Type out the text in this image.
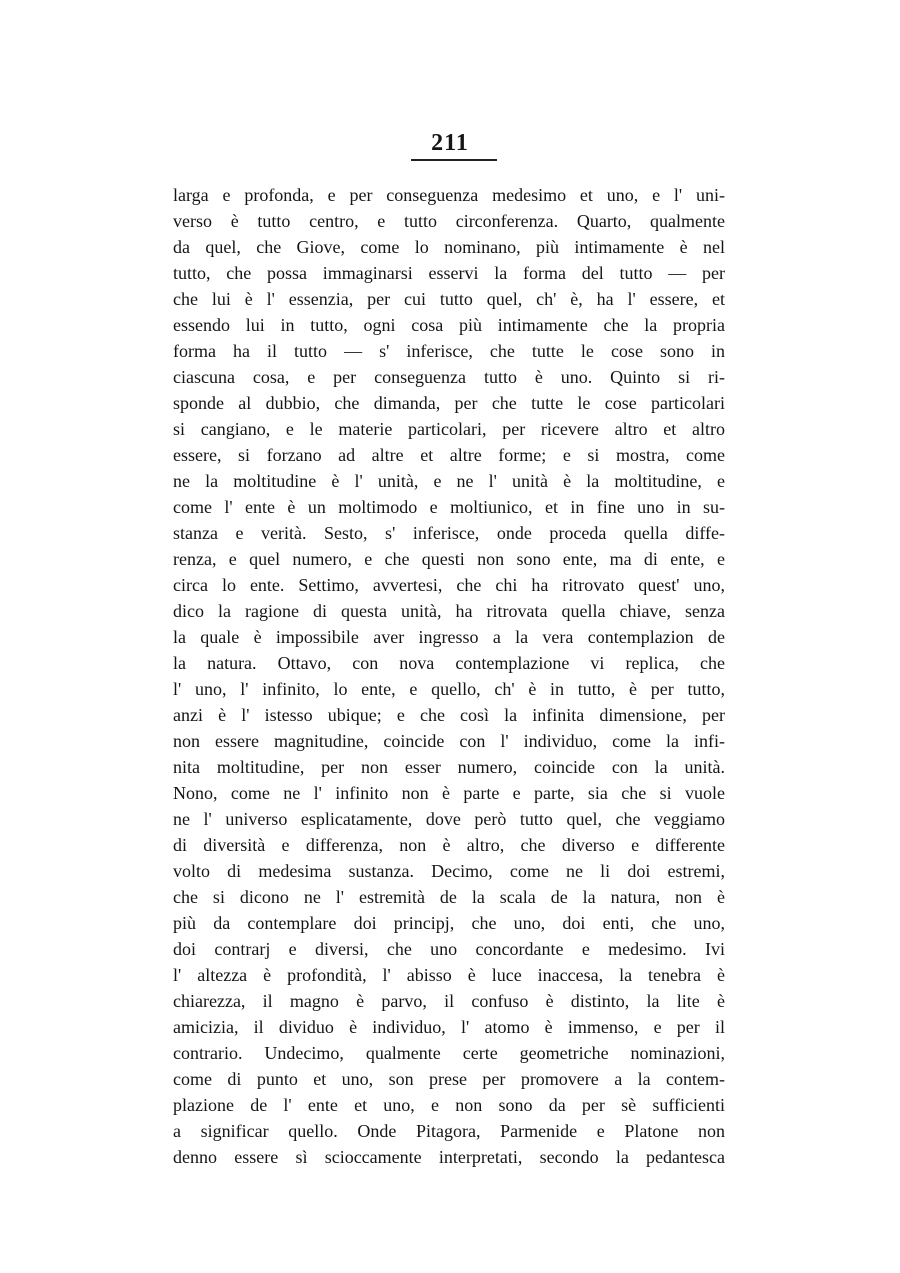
211
larga e profonda, e per conseguenza medesimo et uno, e l' uni-
verso è tutto centro, e tutto circonferenza. Quarto, qualmente
da quel, che Giove, come lo nominano, più intimamente è nel
tutto, che possa immaginarsi esservi la forma del tutto — per
che lui è l' essenzia, per cui tutto quel, ch' è, ha l' essere, et
essendo lui in tutto, ogni cosa più intimamente che la propria
forma ha il tutto — s' inferisce, che tutte le cose sono in
ciascuna cosa, e per conseguenza tutto è uno. Quinto si ri-
sponde al dubbio, che dimanda, per che tutte le cose particolari
si cangiano, e le materie particolari, per ricevere altro et altro
essere, si forzano ad altre et altre forme; e si mostra, come
ne la moltitudine è l' unità, e ne l' unità è la moltitudine, e
come l' ente è un moltimodo e moltiunico, et in fine uno in su-
stanza e verità. Sesto, s' inferisce, onde proceda quella diffe-
renza, e quel numero, e che questi non sono ente, ma di ente, e
circa lo ente. Settimo, avvertesi, che chi ha ritrovato quest' uno,
dico la ragione di questa unità, ha ritrovata quella chiave, senza
la quale è impossibile aver ingresso a la vera contemplazion de
la natura. Ottavo, con nova contemplazione vi replica, che
l' uno, l' infinito, lo ente, e quello, ch' è in tutto, è per tutto,
anzi è l' istesso ubique; e che così la infinita dimensione, per
non essere magnitudine, coincide con l' individuo, come la infi-
nita moltitudine, per non esser numero, coincide con la unità.
Nono, come ne l' infinito non è parte e parte, sia che si vuole
ne l' universo esplicatamente, dove però tutto quel, che veggiamo
di diversità e differenza, non è altro, che diverso e differente
volto di medesima sustanza. Decimo, come ne li doi estremi,
che si dicono ne l' estremità de la scala de la natura, non è
più da contemplare doi principj, che uno, doi enti, che uno,
doi contrarj e diversi, che uno concordante e medesimo. Ivi
l' altezza è profondità, l' abisso è luce inaccesa, la tenebra è
chiarezza, il magno è parvo, il confuso è distinto, la lite è
amicizia, il dividuo è individuo, l' atomo è immenso, e per il
contrario. Undecimo, qualmente certe geometriche nominazioni,
come di punto et uno, son prese per promovere a la contem-
plazione de l' ente et uno, e non sono da per sè sufficienti
a significar quello. Onde Pitagora, Parmenide e Platone non
denno essere sì scioccamente interpretati, secondo la pedantesca
